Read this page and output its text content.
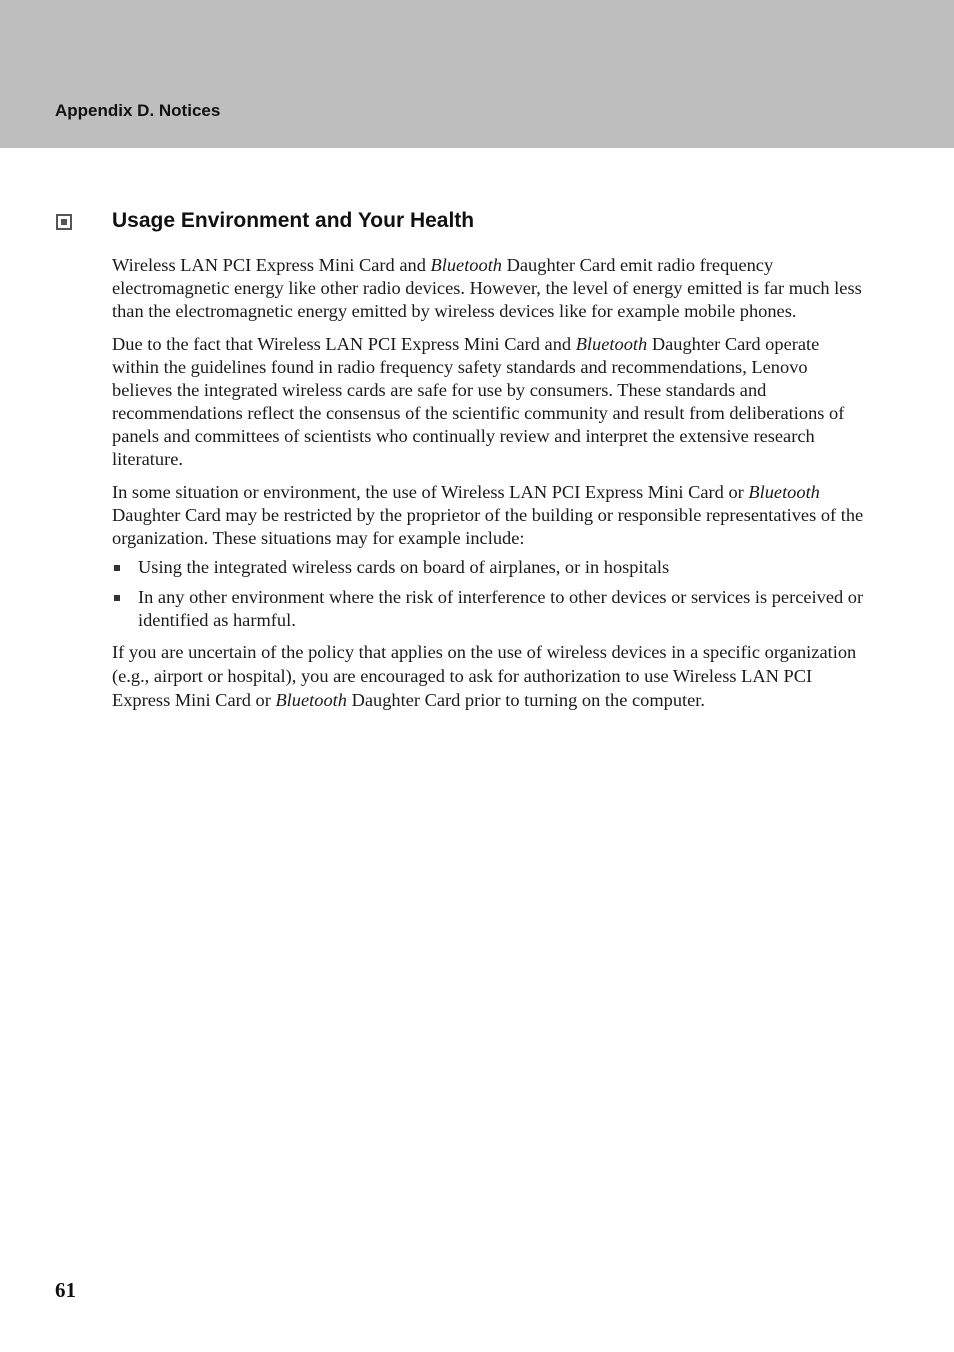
Appendix D. Notices
Usage Environment and Your Health

Wireless LAN PCI Express Mini Card and Bluetooth Daughter Card emit radio frequency electromagnetic energy like other radio devices. However, the level of energy emitted is far much less than the electromagnetic energy emitted by wireless devices like for example mobile phones.

Due to the fact that Wireless LAN PCI Express Mini Card and Bluetooth Daughter Card operate within the guidelines found in radio frequency safety standards and recommendations, Lenovo believes the integrated wireless cards are safe for use by consumers. These standards and recommendations reflect the consensus of the scientific community and result from deliberations of panels and committees of scientists who continually review and interpret the extensive research literature.

In some situation or environment, the use of Wireless LAN PCI Express Mini Card or Bluetooth Daughter Card may be restricted by the proprietor of the building or responsible representatives of the organization. These situations may for example include:

Using the integrated wireless cards on board of airplanes, or in hospitals
In any other environment where the risk of interference to other devices or services is perceived or identified as harmful.

If you are uncertain of the policy that applies on the use of wireless devices in a specific organization (e.g., airport or hospital), you are encouraged to ask for authorization to use Wireless LAN PCI Express Mini Card or Bluetooth Daughter Card prior to turning on the computer.

61
